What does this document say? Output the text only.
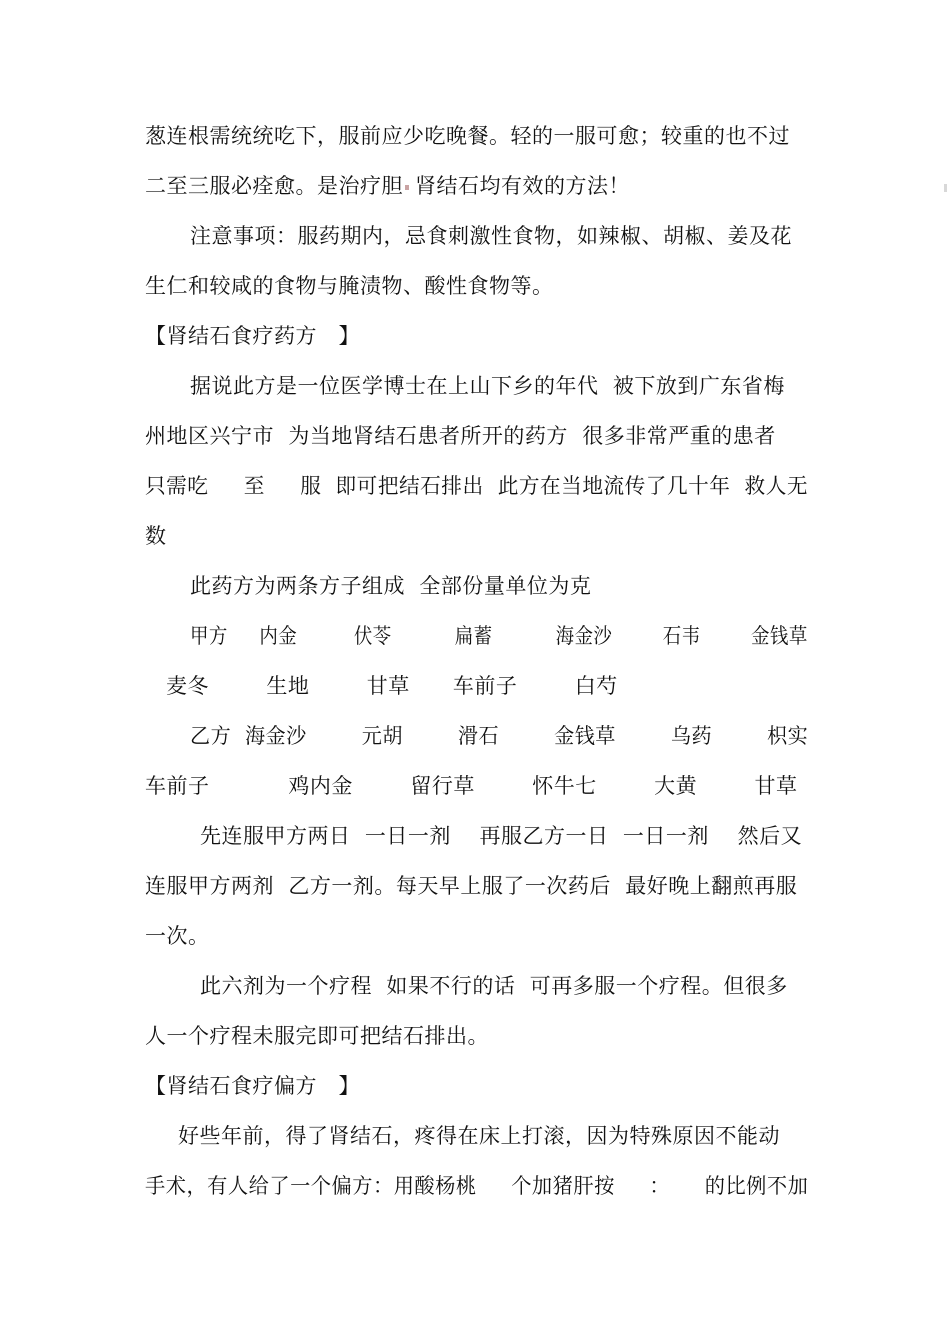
葱连根需统统吃下，服前应少吃晚餐。轻的一服可愈；较重的也不过
二至三服必痊愈。是治疗胆 肾结石均有效的方法！
注意事项：服药期内，忌食刺激性食物，如辣椒、胡椒、姜及花
生仁和较咸的食物与腌渍物、酸性食物等。
【肾结石食疗药方   】
据说此方是一位医学博士在上山下乡的年代  被下放到广东省梅
州地区兴宁市  为当地肾结石患者所开的药方  很多非常严重的患者
只需吃     至     服  即可把结石排出  此方在当地流传了几十年  救人无
数
此药方为两条方子组成  全部份量单位为克
甲方     内金         伏苓          扁蓄          海金沙        石韦        金钱草
麦冬        生地        甘草      车前子        白芍
乙方  海金沙        元胡        滑石        金钱草        乌药        枳实
车前子           鸡内金        留行草        怀牛七        大黄        甘草
先连服甲方两日  一日一剂    再服乙方一日  一日一剂    然后又
连服甲方两剂  乙方一剂。每天早上服了一次药后  最好晚上翻煎再服
一次。
此六剂为一个疗程  如果不行的话  可再多服一个疗程。但很多
人一个疗程未服完即可把结石排出。
【肾结石食疗偏方   】
好些年前，得了肾结石，疼得在床上打滚，因为特殊原因不能动
手术，有人给了一个偏方：用酸杨桃     个加猪肝按     ：     的比例不加
